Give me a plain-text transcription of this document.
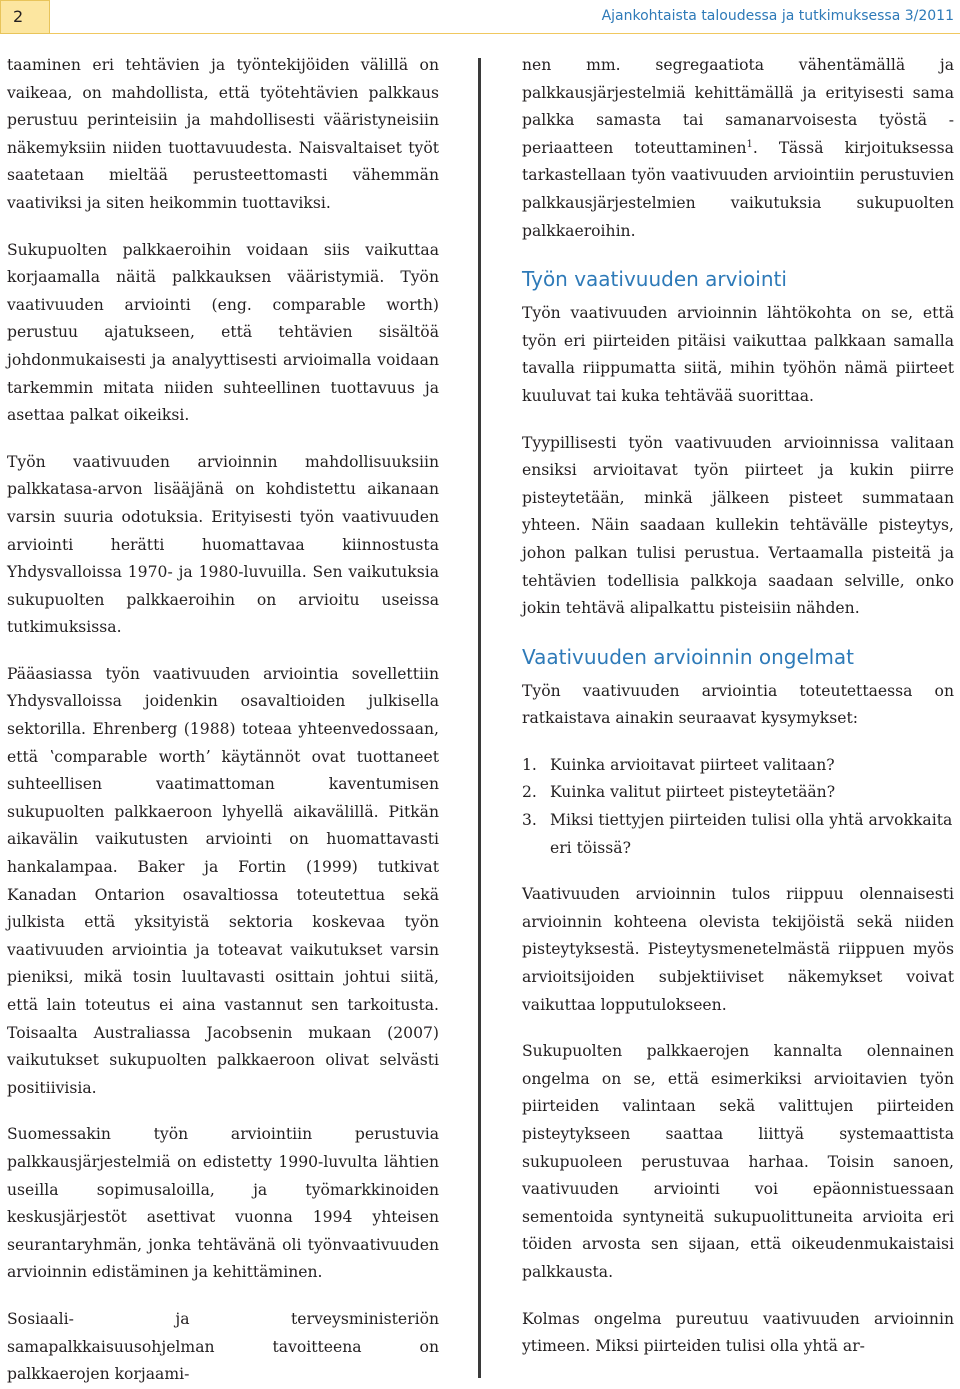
2	Ajankohtaista taloudessa ja tutkimuksessa 3/2011

taaminen eri tehtävien ja työntekijöiden välillä on vaikeaa, on mahdollista, että työtehtävien palkkaus perustuu perinteisiin ja mahdollisesti vääristyneisiin näkemyksiin niiden tuottavuudesta. Naisvaltaiset työt saatetaan mieltää perusteettomasti vähemmän vaativiksi ja siten heikommin tuottaviksi.

Sukupuolten palkkaeroihin voidaan siis vaikuttaa korjaamalla näitä palkkauksen vääristymiä. Työn vaativuuden arviointi (eng. comparable worth) perustuu ajatukseen, että tehtävien sisältöä johdonmukaisesti ja analyyttisesti arvioimalla voidaan tarkemmin mitata niiden suhteellinen tuottavuus ja asettaa palkat oikeiksi.

Työn vaativuuden arvioinnin mahdollisuuksiin palkkatasa-arvon lisääjänä on kohdistettu aikanaan varsin suuria odotuksia. Erityisesti työn vaativuuden arviointi herätti huomattavaa kiinnostusta Yhdysvalloissa 1970- ja 1980-luvuilla. Sen vaikutuksia sukupuolten palkkaeroihin on arvioitu useissa tutkimuksissa.

Pääasiassa työn vaativuuden arviointia sovellettiin Yhdysvalloissa joidenkin osavaltioiden julkisella sektorilla. Ehrenberg (1988) toteaa yhteenvedossaan, että ʽcomparable worthʼ käytännöt ovat tuottaneet suhteellisen vaatimattoman kaventumisen sukupuolten palkkaeroon lyhyellä aikavälillä. Pitkän aikavälin vaikutusten arviointi on huomattavasti hankalampaa. Baker ja Fortin (1999) tutkivat Kanadan Ontarion osavaltiossa toteutettua sekä julkista että yksityistä sektoria koskevaa työn vaativuuden arviointia ja toteavat vaikutukset varsin pieniksi, mikä tosin luultavasti osittain johtui siitä, että lain toteutus ei aina vastannut sen tarkoitusta. Toisaalta Australiassa Jacobsenin mukaan (2007) vaikutukset sukupuolten palkkaeroon olivat selvästi positiivisia.

Suomessakin työn arviointiin perustuvia palkkausjärjestelmiä on edistetty 1990-luvulta lähtien useilla sopimusaloilla, ja työmarkkinoiden keskusjärjestöt asettivat vuonna 1994 yhteisen seurantaryhmän, jonka tehtävänä oli työnvaativuuden arvioinnin edistäminen ja kehittäminen.

Sosiaali- ja terveysministeriön samapalkkaisuusohjelman tavoitteena on palkkaerojen korjaami-

nen mm. segregaatiota vähentämällä ja palkkausjärjestelmiä kehittämällä ja erityisesti sama palkka samasta tai samanarvoisesta työstä -periaatteen toteuttaminen$^1$. Tässä kirjoituksessa tarkastellaan työn vaativuuden arviointiin perustuvien palkkausjärjestelmien vaikutuksia sukupuolten palkkaeroihin.

Työn vaativuuden arviointi

Työn vaativuuden arvioinnin lähtökohta on se, että työn eri piirteiden pitäisi vaikuttaa palkkaan samalla tavalla riippumatta siitä, mihin työhön nämä piirteet kuuluvat tai kuka tehtävää suorittaa.

Tyypillisesti työn vaativuuden arvioinnissa valitaan ensiksi arvioitavat työn piirteet ja kukin piirre pisteytetään, minkä jälkeen pisteet summataan yhteen. Näin saadaan kullekin tehtävälle pisteytys, johon palkan tulisi perustua. Vertaamalla pisteitä ja tehtävien todellisia palkkoja saadaan selville, onko jokin tehtävä alipalkattu pisteisiin nähden.

Vaativuuden arvioinnin ongelmat

Työn vaativuuden arviointia toteutettaessa on ratkaistava ainakin seuraavat kysymykset:

1. Kuinka arvioitavat piirteet valitaan?
2. Kuinka valitut piirteet pisteytetään?
3. Miksi tiettyjen piirteiden tulisi olla yhtä arvokkaita eri töissä?

Vaativuuden arvioinnin tulos riippuu olennaisesti arvioinnin kohteena olevista tekijöistä sekä niiden pisteytyksestä. Pisteytysmenetelmästä riippuen myös arvioitsijoiden subjektiiviset näkemykset voivat vaikuttaa lopputulokseen.

Sukupuolten palkkaerojen kannalta olennainen ongelma on se, että esimerkiksi arvioitavien työn piirteiden valintaan sekä valittujen piirteiden pisteytykseen saattaa liittyä systemaattista sukupuoleen perustuvaa harhaa. Toisin sanoen, vaativuuden arviointi voi epäonnistuessaan sementoida syntyneitä sukupuolittuneita arvioita eri töiden arvosta sen sijaan, että oikeudenmukaistaisi palkkausta.

Kolmas ongelma pureutuu vaativuuden arvioinnin ytimeen. Miksi piirteiden tulisi olla yhtä ar-
